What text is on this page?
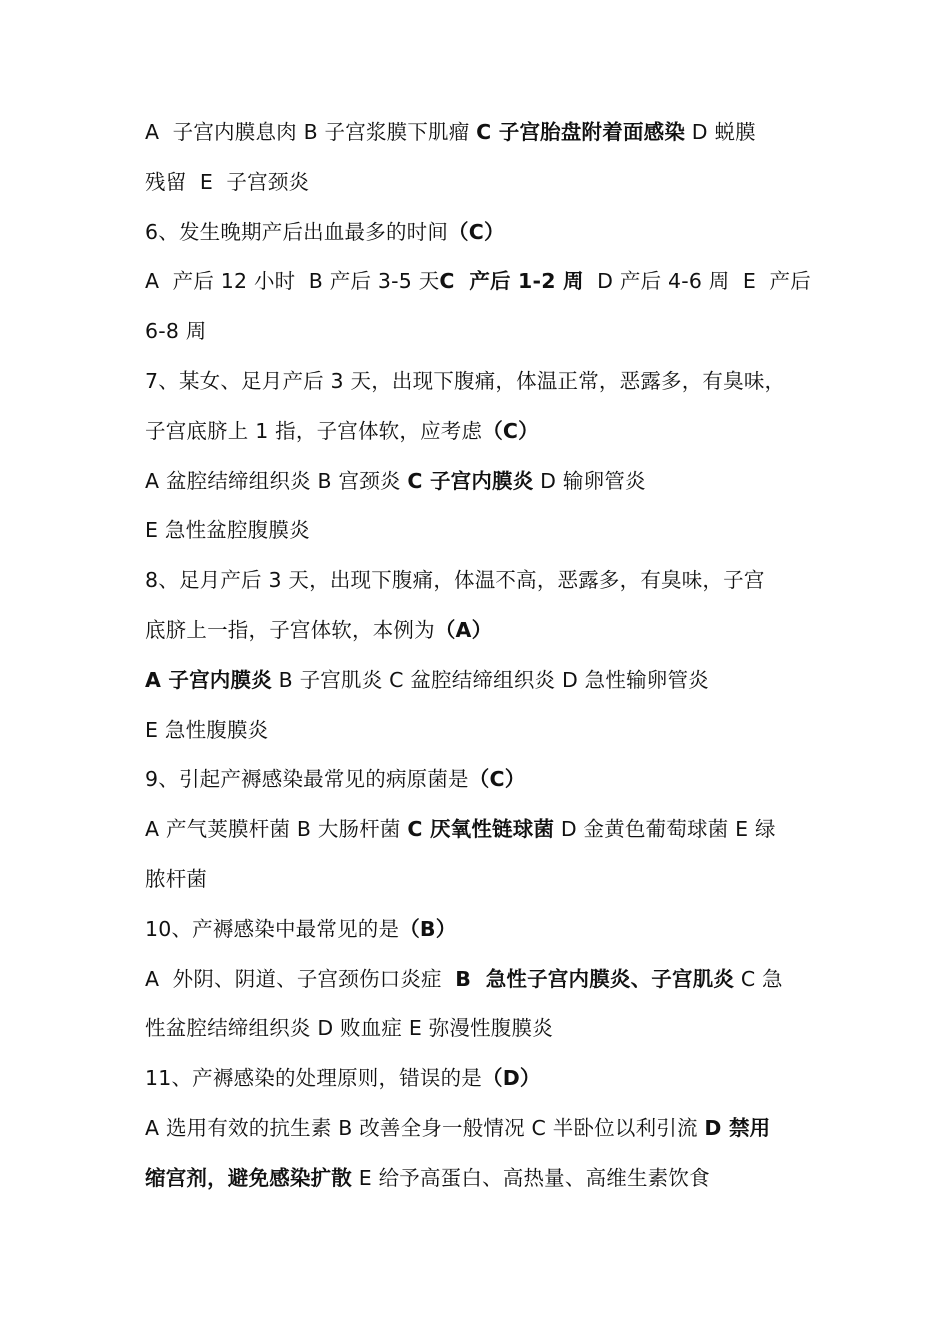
A  子宫内膜息肉 B 子宫浆膜下肌瘤 C 子宫胎盘附着面感染 D 蜕膜
残留  E  子宫颈炎
6、发生晚期产后出血最多的时间（C）
A  产后 12 小时  B 产后 3-5 天C  产后 1-2 周  D 产后 4-6 周  E  产后
6-8 周
7、某女、足月产后 3 天，出现下腹痛，体温正常，恶露多，有臭味，
子宫底脐上 1 指，子宫体软，应考虑（C）
A 盆腔结缔组织炎 B 宫颈炎 C 子宫内膜炎 D 输卵管炎
E 急性盆腔腹膜炎
8、足月产后 3 天，出现下腹痛，体温不高，恶露多，有臭味，子宫
底脐上一指，子宫体软，本例为（A）
A 子宫内膜炎 B 子宫肌炎 C 盆腔结缔组织炎 D 急性输卵管炎
E 急性腹膜炎
9、引起产褥感染最常见的病原菌是（C）
A 产气荚膜杆菌 B 大肠杆菌 C 厌氧性链球菌 D 金黄色葡萄球菌 E 绿
脓杆菌
10、产褥感染中最常见的是（B）
A  外阴、阴道、子宫颈伤口炎症  B  急性子宫内膜炎、子宫肌炎 C 急
性盆腔结缔组织炎 D 败血症 E 弥漫性腹膜炎
11、产褥感染的处理原则，错误的是（D）
A 选用有效的抗生素 B 改善全身一般情况 C 半卧位以利引流 D 禁用
缩宫剂，避免感染扩散 E 给予高蛋白、高热量、高维生素饮食
